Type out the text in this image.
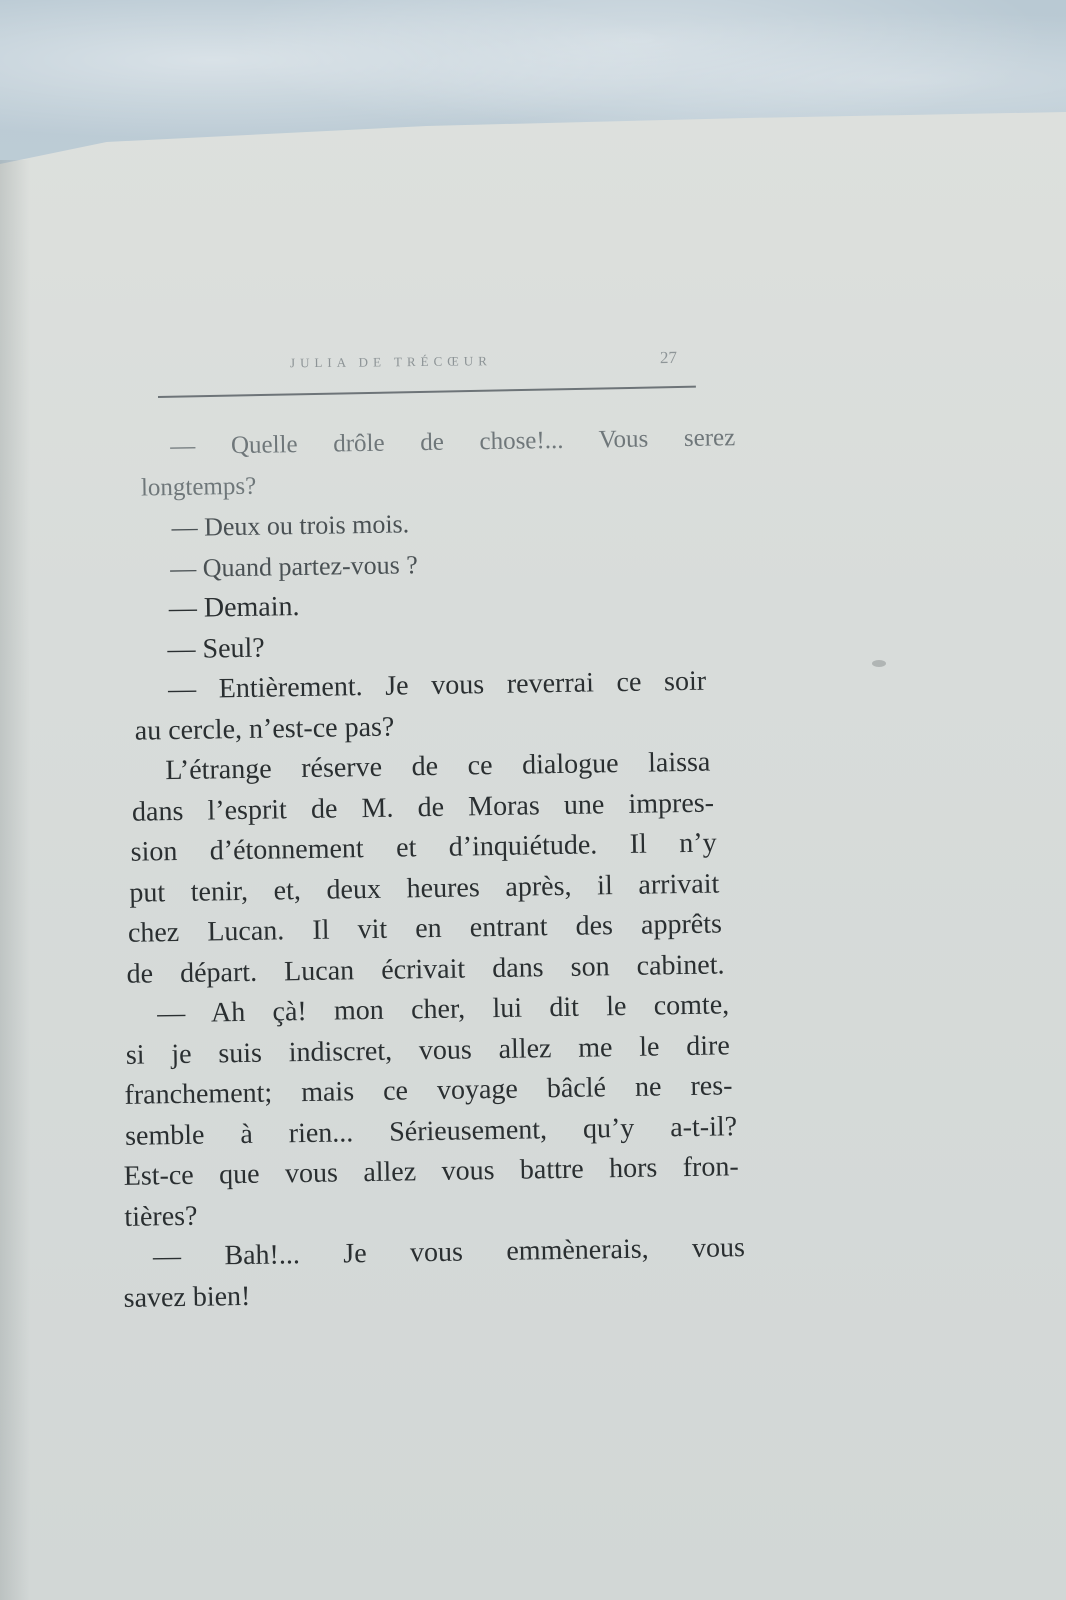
JULIA DE TRÉCŒUR	27
— Quelle drôle de chose!... Vous serez
longtemps?
— Deux ou trois mois.
— Quand partez-vous ?
— Demain.
— Seul?
— Entièrement. Je vous reverrai ce soir
au cercle, n’est-ce pas?
L’étrange réserve de ce dialogue laissa
dans l’esprit de M. de Moras une impres-
sion d’étonnement et d’inquiétude. Il n’y
put tenir, et, deux heures après, il arrivait
chez Lucan. Il vit en entrant des apprêts
de départ. Lucan écrivait dans son cabinet.
— Ah çà! mon cher, lui dit le comte,
si je suis indiscret, vous allez me le dire
franchement; mais ce voyage bâclé ne res-
semble à rien... Sérieusement, qu’y a-t-il?
Est-ce que vous allez vous battre hors fron-
tières?
— Bah!... Je vous emmènerais, vous
savez bien!
